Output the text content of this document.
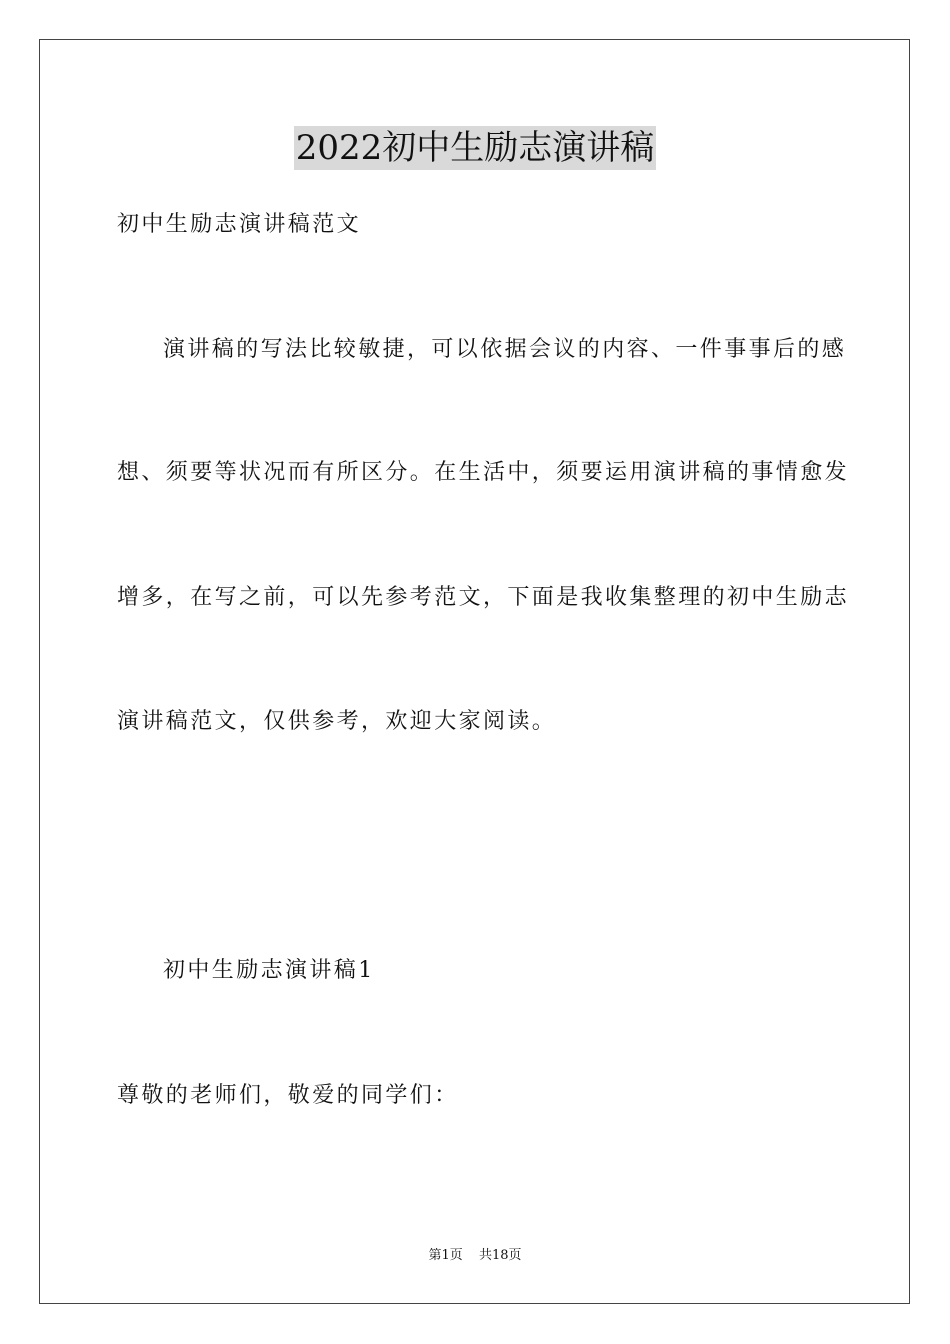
2022初中生励志演讲稿
初中生励志演讲稿范文
演讲稿的写法比较敏捷，可以依据会议的内容、一件事事后的感
想、须要等状况而有所区分。在生活中，须要运用演讲稿的事情愈发
增多，在写之前，可以先参考范文，下面是我收集整理的初中生励志
演讲稿范文，仅供参考，欢迎大家阅读。
初中生励志演讲稿1
尊敬的老师们，敬爱的同学们：
第1页 共18页
